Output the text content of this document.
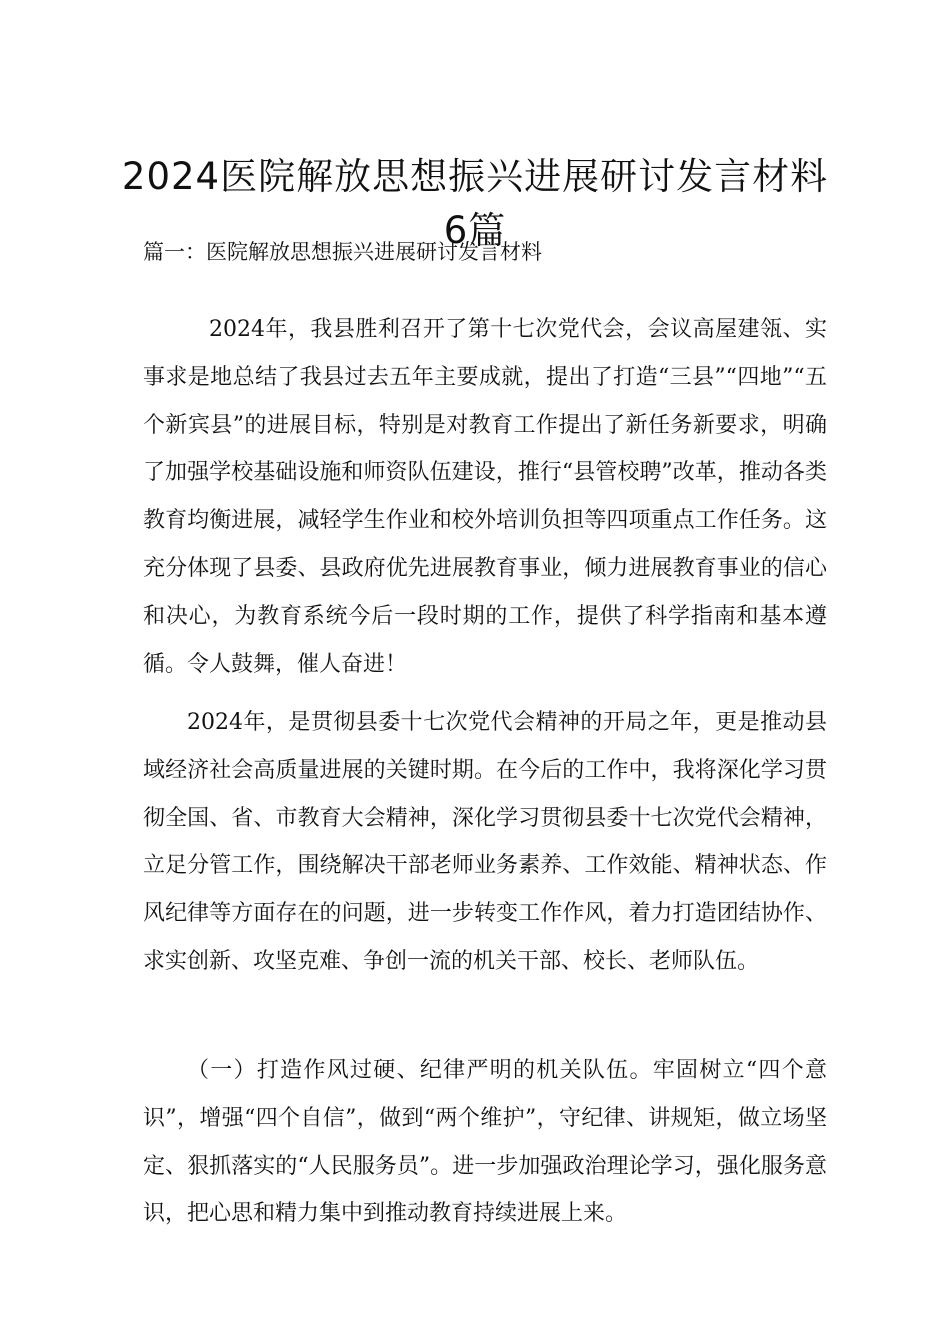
2024医院解放思想振兴进展研讨发言材料6篇
篇一：医院解放思想振兴进展研讨发言材料

2024年，我县胜利召开了第十七次党代会，会议高屋建瓴、实事求是地总结了我县过去五年主要成就，提出了打造“三县”“四地”“五个新宾县”的进展目标，特别是对教育工作提出了新任务新要求，明确了加强学校基础设施和师资队伍建设，推行“县管校聘”改革，推动各类教育均衡进展，减轻学生作业和校外培训负担等四项重点工作任务。这充分体现了县委、县政府优先进展教育事业，倾力进展教育事业的信心和决心，为教育系统今后一段时期的工作，提供了科学指南和基本遵循。令人鼓舞，催人奋进！

2024年，是贯彻县委十七次党代会精神的开局之年，更是推动县域经济社会高质量进展的关键时期。在今后的工作中，我将深化学习贯彻全国、省、市教育大会精神，深化学习贯彻县委十七次党代会精神，立足分管工作，围绕解决干部老师业务素养、工作效能、精神状态、作风纪律等方面存在的问题，进一步转变工作作风，着力打造团结协作、求实创新、攻坚克难、争创一流的机关干部、校长、老师队伍。

（一）打造作风过硬、纪律严明的机关队伍。牢固树立“四个意识”，增强“四个自信”，做到“两个维护”，守纪律、讲规矩，做立场坚定、狠抓落实的“人民服务员”。进一步加强政治理论学习，强化服务意识，把心思和精力集中到推动教育持续进展上来。
